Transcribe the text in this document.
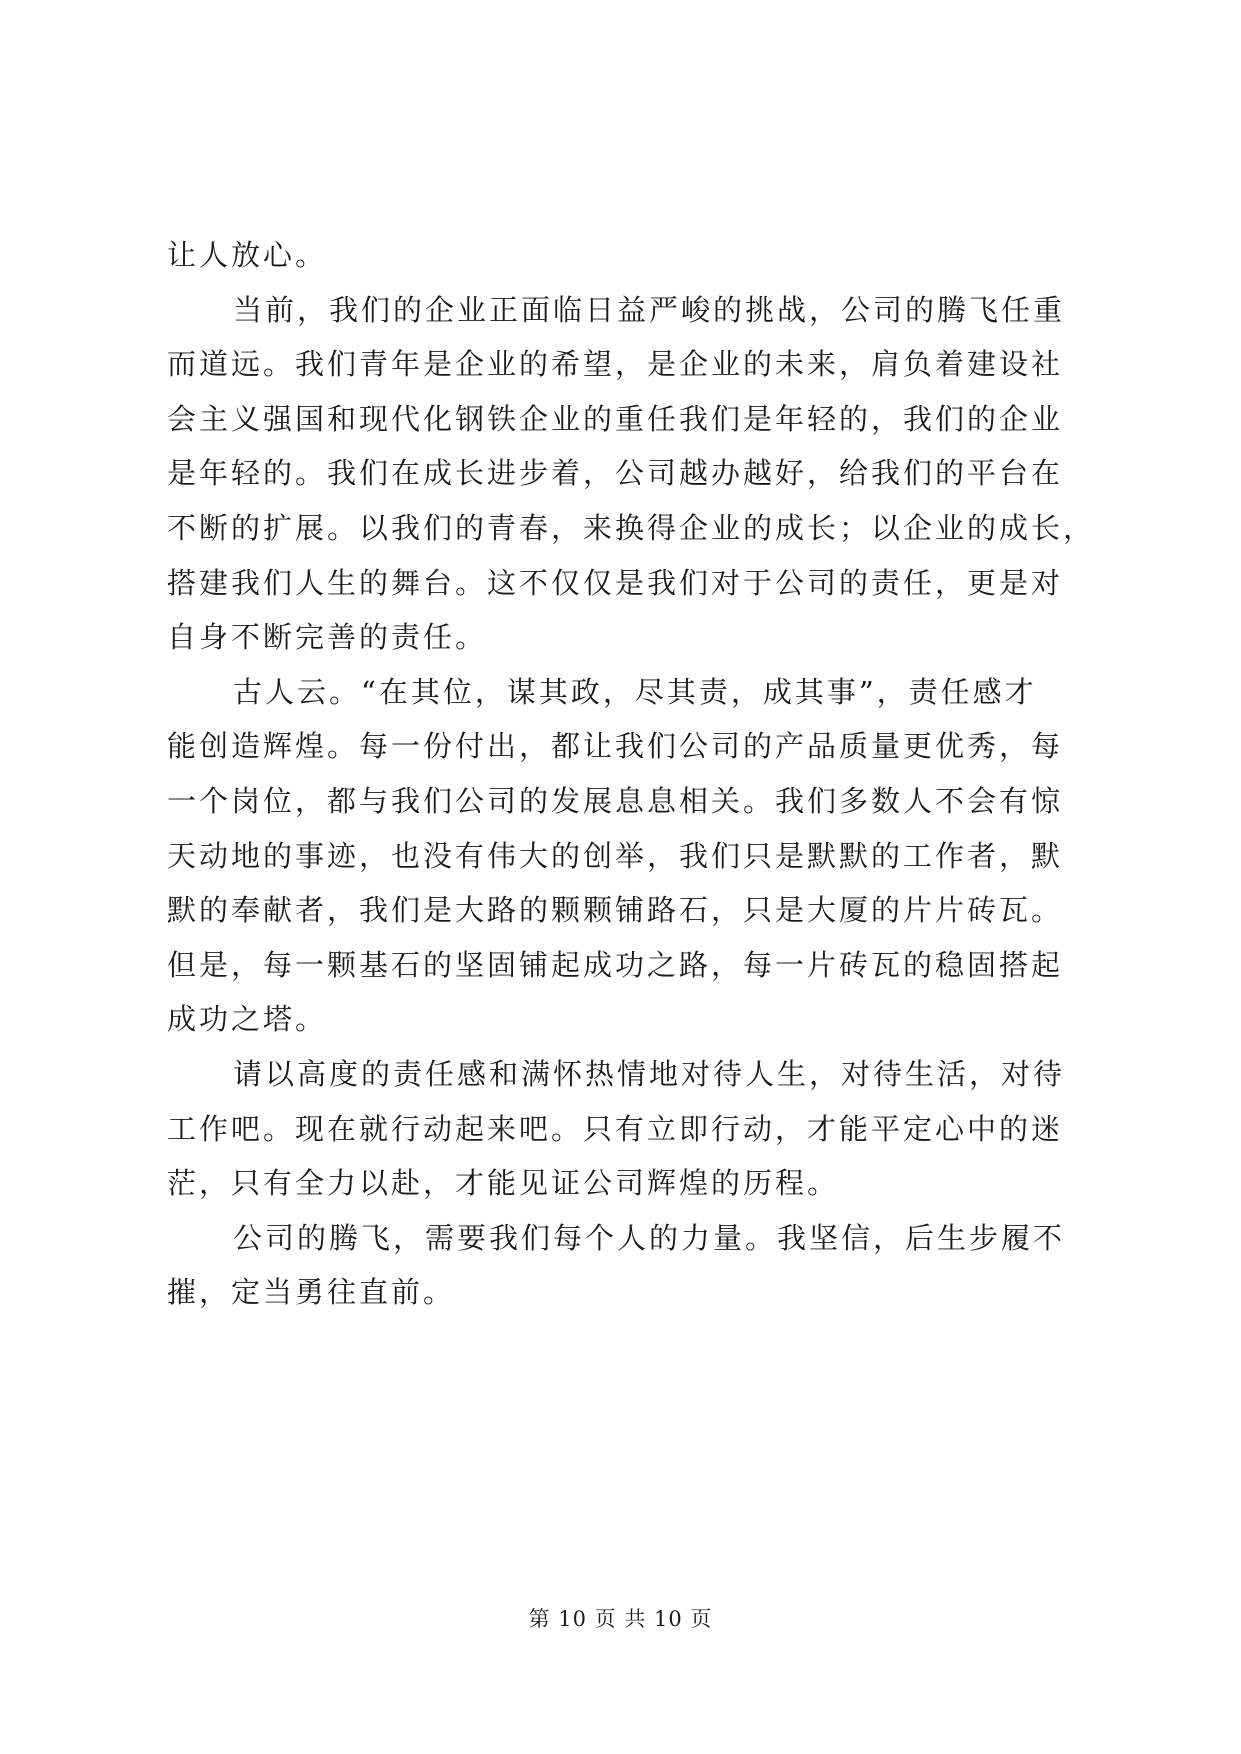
让人放心。
当前，我们的企业正面临日益严峻的挑战，公司的腾飞任重
而道远。我们青年是企业的希望，是企业的未来，肩负着建设社
会主义强国和现代化钢铁企业的重任我们是年轻的，我们的企业
是年轻的。我们在成长进步着，公司越办越好，给我们的平台在
不断的扩展。以我们的青春，来换得企业的成长；以企业的成长，
搭建我们人生的舞台。这不仅仅是我们对于公司的责任，更是对
自身不断完善的责任。
古人云。“在其位，谋其政，尽其责，成其事”，责任感才
能创造辉煌。每一份付出，都让我们公司的产品质量更优秀，每
一个岗位，都与我们公司的发展息息相关。我们多数人不会有惊
天动地的事迹，也没有伟大的创举，我们只是默默的工作者，默
默的奉献者，我们是大路的颗颗铺路石，只是大厦的片片砖瓦。
但是，每一颗基石的坚固铺起成功之路，每一片砖瓦的稳固搭起
成功之塔。
请以高度的责任感和满怀热情地对待人生，对待生活，对待
工作吧。现在就行动起来吧。只有立即行动，才能平定心中的迷
茫，只有全力以赴，才能见证公司辉煌的历程。
公司的腾飞，需要我们每个人的力量。我坚信，后生步履不
摧，定当勇往直前。
第 10 页 共 10 页
